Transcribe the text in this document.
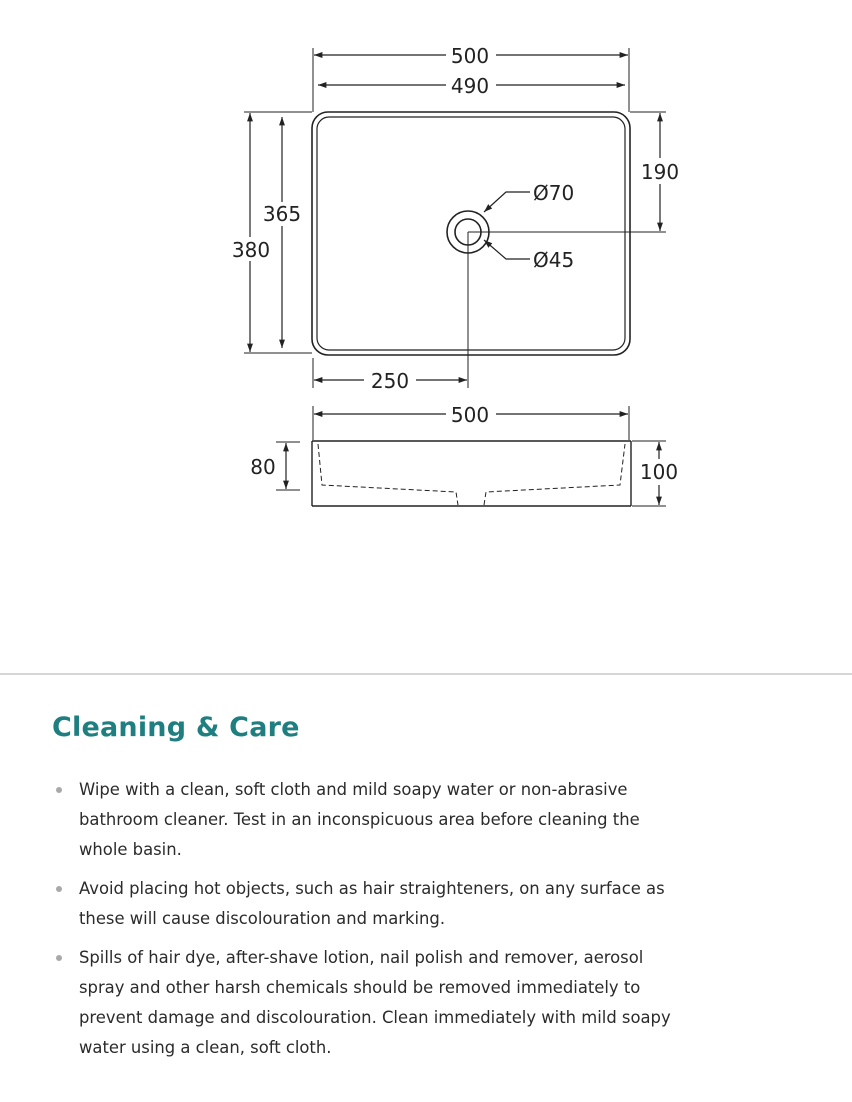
500
490
380
365
190
250
Ø70
Ø45
500
80	100
Cleaning & Care
Wipe with a clean, soft cloth and mild soapy water or non-abrasive bathroom cleaner. Test in an inconspicuous area before cleaning the whole basin.
Avoid placing hot objects, such as hair straighteners, on any surface as these will cause discolouration and marking.
Spills of hair dye, after-shave lotion, nail polish and remover, aerosol spray and other harsh chemicals should be removed immediately to prevent damage and discolouration. Clean immediately with mild soapy water using a clean, soft cloth.
